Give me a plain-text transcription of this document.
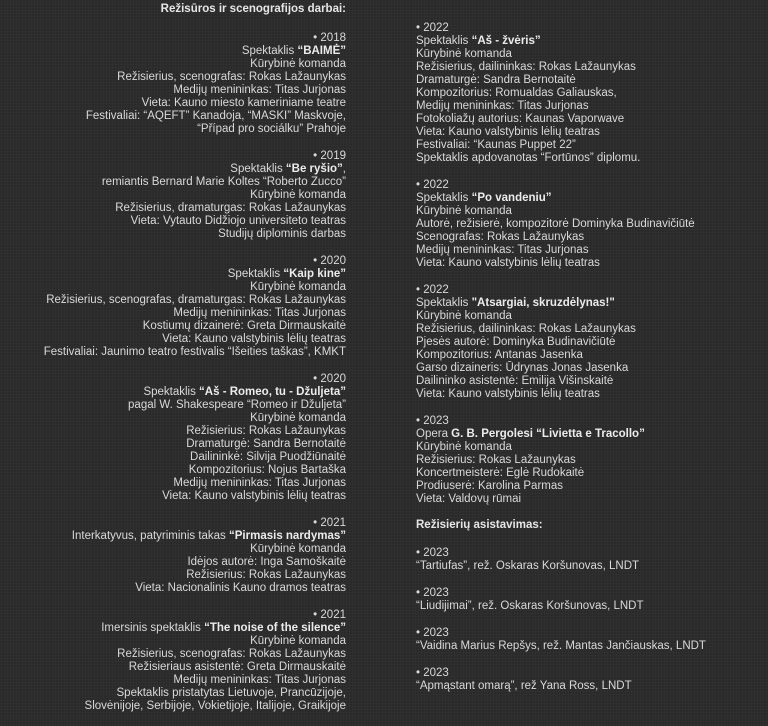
Režisūros ir scenografijos darbai:
• 2018
Spektaklis “BAIMĖ”
Kūrybinė komanda
Režisierius, scenografas: Rokas Lažaunykas
Medijų menininkas: Titas Jurjonas
Vieta: Kauno miesto kameriniame teatre
Festivaliai: “AQEFT” Kanadoja, “MASKI” Maskvoje,
“Případ pro sociálku” Prahoje
• 2019
Spektaklis “Be ryšio”,
remiantis Bernard Marie Koltes “Roberto Zucco”
Kūrybinė komanda
Režisierius, dramaturgas: Rokas Lažaunykas
Vieta: Vytauto Didžiojo universiteto teatras
Studijų diplominis darbas
• 2020
Spektaklis “Kaip kine”
Kūrybinė komanda
Režisierius, scenografas, dramaturgas: Rokas Lažaunykas
Medijų menininkas: Titas Jurjonas
Kostiumų dizainerė: Greta Dirmauskaitė
Vieta: Kauno valstybinis lėlių teatras
Festivaliai: Jaunimo teatro festivalis “Išeities taškas”, KMKT
• 2020
Spektaklis “Aš - Romeo, tu - Džuljeta”
pagal W. Shakespeare “Romeo ir Džuljeta”
Kūrybinė komanda
Režisierius: Rokas Lažaunykas
Dramaturgė: Sandra Bernotaitė
Dailininkė: Silvija Puodžiūnaitė
Kompozitorius: Nojus Bartaška
Medijų menininkas: Titas Jurjonas
Vieta: Kauno valstybinis lėlių teatras
• 2021
Interkatyvus, patyriminis takas “Pirmasis nardymas”
Kūrybinė komanda
Idėjos autorė: Inga Samoškaitė
Režisierius: Rokas Lažaunykas
Vieta: Nacionalinis Kauno dramos teatras
• 2021
Imersinis spektaklis “The noise of the silence”
Kūrybinė komanda
Režisierius, scenografas: Rokas Lažaunykas
Režisieriaus asistentė: Greta Dirmauskaitė
Medijų menininkas: Titas Jurjonas
Spektaklis pristatytas Lietuvoje, Prancūzijoje,
Slovėnijoje, Serbijoje, Vokietijoje, Italijoje, Graikijoje
• 2022
Spektaklis “Aš - žvėris”
Kūrybinė komanda
Režisierius, dailininkas: Rokas Lažaunykas
Dramaturgė: Sandra Bernotaitė
Kompozitorius: Romualdas Galiauskas,
Medijų menininkas: Titas Jurjonas
Fotokoliažų autorius: Kaunas Vaporwave
Vieta: Kauno valstybinis lėlių teatras
Festivaliai: “Kaunas Puppet 22”
Spektaklis apdovanotas “Fortūnos” diplomu.
• 2022
Spektaklis “Po vandeniu”
Kūrybinė komanda
Autorė, režisierė, kompozitorė Dominyka Budinavičiūtė
Scenografas: Rokas Lažaunykas
Medijų menininkas: Titas Jurjonas
Vieta: Kauno valstybinis lėlių teatras
• 2022
Spektaklis "Atsargiai, skruzdėlynas!"
Kūrybinė komanda
Režisierius, dailininkas: Rokas Lažaunykas
Pjesės autorė: Dominyka Budinavičiūtė
Kompozitorius: Antanas Jasenka
Garso dizaineris: Ūdrynas Jonas Jasenka
Dailininko asistentė: Emilija Višinskaitė
Vieta: Kauno valstybinis lėlių teatras
• 2023
Opera G. B. Pergolesi “Livietta e Tracollo”
Kūrybinė komanda
Režisierius: Rokas Lažaunykas
Koncertmeisterė: Eglė Rudokaitė
Prodiuserė: Karolina Parmas
Vieta: Valdovų rūmai
Režisierių asistavimas:
• 2023
“Tartiufas”, rež. Oskaras Koršunovas, LNDT
• 2023
“Liudijimai”, rež. Oskaras Koršunovas, LNDT
• 2023
“Vaidina Marius Repšys, rež. Mantas Jančiauskas, LNDT
• 2023
“Apmąstant omarą”, rež Yana Ross, LNDT
